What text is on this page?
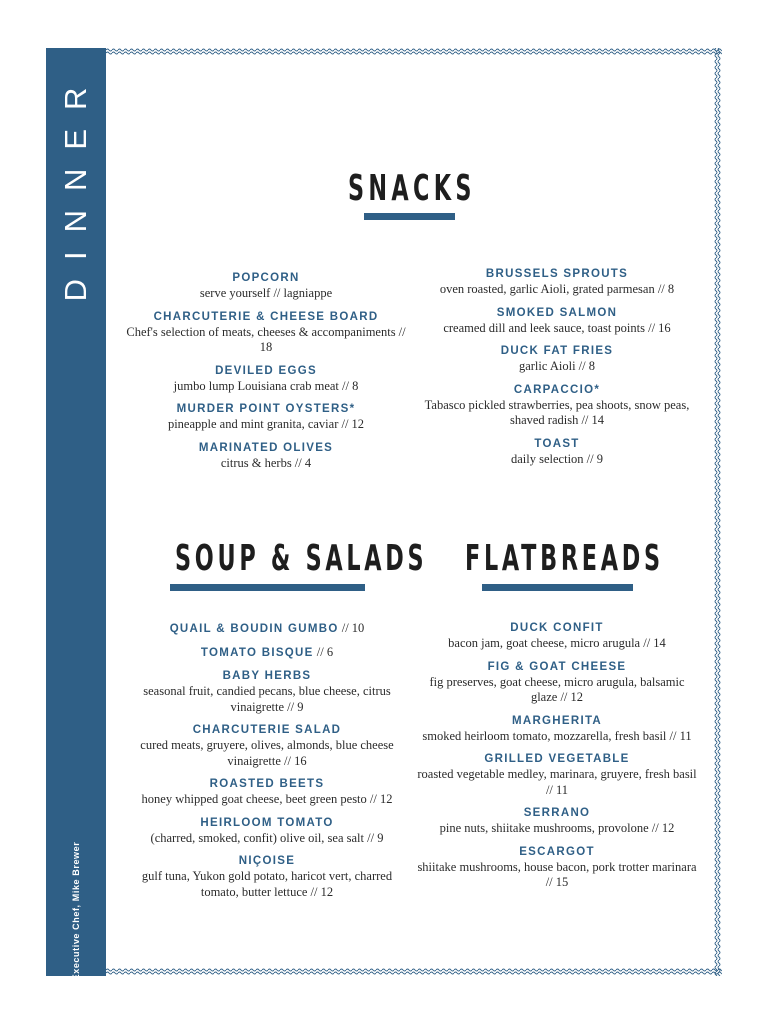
DINNER
Executive Chef, Mike Brewer
SNACKS
POPCORN
serve yourself // lagniappe
CHARCUTERIE & CHEESE BOARD
Chef's selection of meats, cheeses & accompaniments // 18
DEVILED EGGS
jumbo lump Louisiana crab meat // 8
MURDER POINT OYSTERS*
pineapple and mint granita, caviar // 12
MARINATED OLIVES
citrus & herbs // 4
BRUSSELS SPROUTS
oven roasted, garlic Aioli, grated parmesan // 8
SMOKED SALMON
creamed dill and leek sauce, toast points // 16
DUCK FAT FRIES
garlic Aioli // 8
CARPACCIO*
Tabasco pickled strawberries, pea shoots, snow peas, shaved radish // 14
TOAST
daily selection // 9
SOUP & SALADS
QUAIL & BOUDIN GUMBO // 10
TOMATO BISQUE // 6
BABY HERBS
seasonal fruit, candied pecans, blue cheese, citrus vinaigrette // 9
CHARCUTERIE SALAD
cured meats, gruyere, olives, almonds, blue cheese vinaigrette // 16
ROASTED BEETS
honey whipped goat cheese, beet green pesto // 12
HEIRLOOM TOMATO
(charred, smoked, confit) olive oil, sea salt // 9
NIÇOISE
gulf tuna, Yukon gold potato, haricot vert, charred tomato, butter lettuce // 12
FLATBREADS
DUCK CONFIT
bacon jam, goat cheese, micro arugula // 14
FIG & GOAT CHEESE
fig preserves, goat cheese, micro arugula, balsamic glaze // 12
MARGHERITA
smoked heirloom tomato, mozzarella, fresh basil // 11
GRILLED VEGETABLE
roasted vegetable medley, marinara, gruyere, fresh basil // 11
SERRANO
pine nuts, shiitake mushrooms, provolone // 12
ESCARGOT
shiitake mushrooms, house bacon, pork trotter marinara // 15
